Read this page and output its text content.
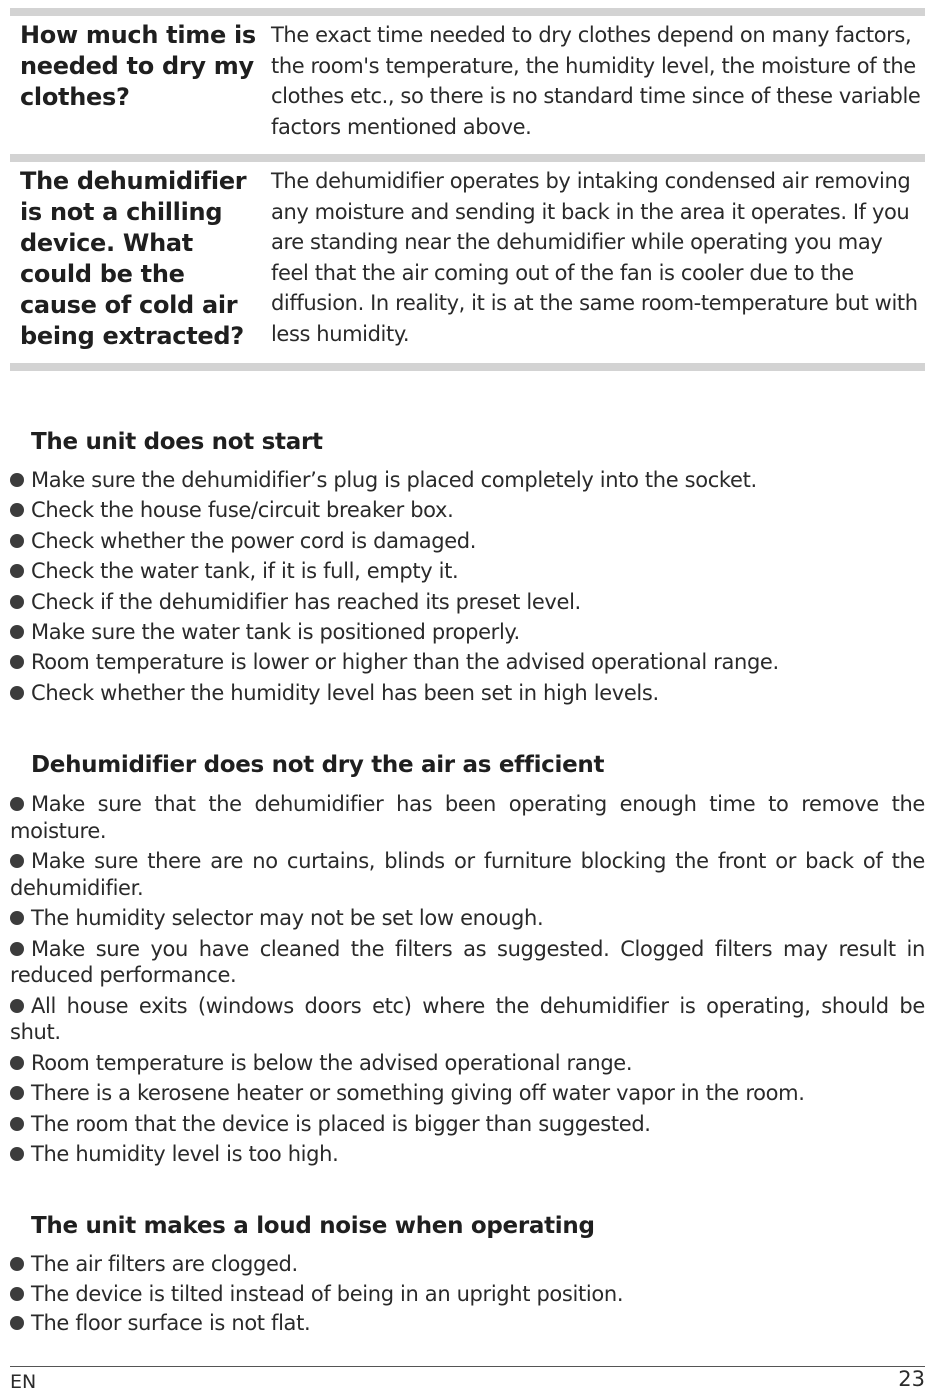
How much time is needed to dry my clothes?
The exact time needed to dry clothes depend on many factors, the room's temperature, the humidity level, the moisture of the clothes etc., so there is no standard time since of these variable factors mentioned above.
The dehumidifier is not a chilling device. What could be the cause of cold air being extracted?
The dehumidifier operates by intaking condensed air removing any moisture and sending it back in the area it operates. If you are standing near the dehumidifier while operating you may feel that the air coming out of the fan is cooler due to the diffusion. In reality, it is at the same room-temperature but with less humidity.
The unit does not start
Make sure the dehumidifier’s plug is placed completely into the socket.
Check the house fuse/circuit breaker box.
Check whether the power cord is damaged.
Check the water tank, if it is full, empty it.
Check if the dehumidifier has reached its preset level.
Make sure the water tank is positioned properly.
Room temperature is lower or higher than the advised operational range.
Check whether the humidity level has been set in high levels.
Dehumidifier does not dry the air as efficient
Make sure that the dehumidifier has been operating enough time to remove the moisture.
Make sure there are no curtains, blinds or furniture blocking the front or back of the dehumidifier.
The humidity selector may not be set low enough.
Make sure you have cleaned the filters as suggested. Clogged filters may result in reduced performance.
All house exits (windows doors etc) where the dehumidifier is operating, should be shut.
Room temperature is below the advised operational range.
There is a kerosene heater or something giving off water vapor in the room.
The room that the device is placed is bigger than suggested.
The humidity level is too high.
The unit makes a loud noise when operating
The air filters are clogged.
The device is tilted instead of being in an upright position.
The floor surface is not flat.
EN	23
